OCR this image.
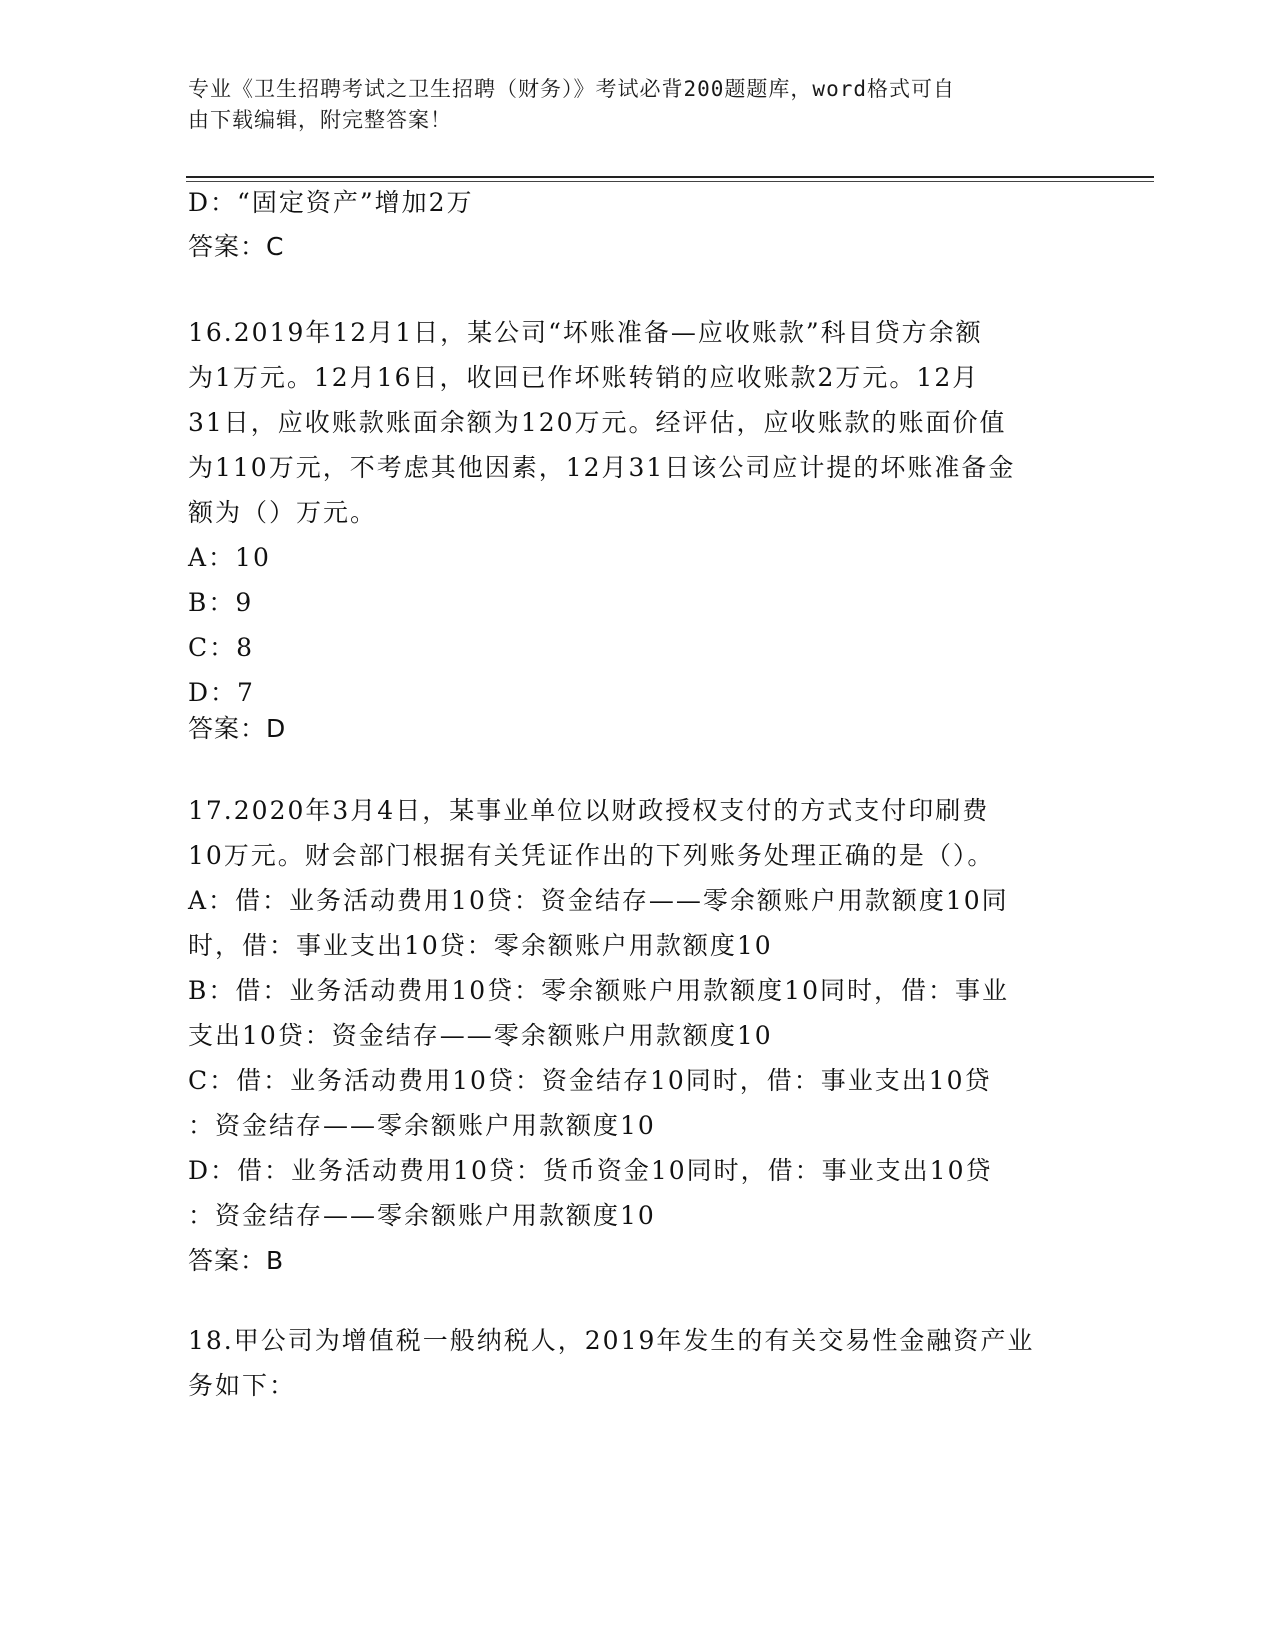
专业《卫生招聘考试之卫生招聘（财务）》考试必背200题题库，word格式可自
由下载编辑，附完整答案！
D：“固定资产”增加2万
答案：C
16.2019年12月1日，某公司“坏账准备—应收账款”科目贷方余额
为1万元。12月16日，收回已作坏账转销的应收账款2万元。12月
31日，应收账款账面余额为120万元。经评估，应收账款的账面价值
为110万元，不考虑其他因素，12月31日该公司应计提的坏账准备金
额为（）万元。
A：10
B：9
C：8
D：7
答案：D
17.2020年3月4日，某事业单位以财政授权支付的方式支付印刷费
10万元。财会部门根据有关凭证作出的下列账务处理正确的是（）。
A：借：业务活动费用10贷：资金结存——零余额账户用款额度10同
时，借：事业支出10贷：零余额账户用款额度10
B：借：业务活动费用10贷：零余额账户用款额度10同时，借：事业
支出10贷：资金结存——零余额账户用款额度10
C：借：业务活动费用10贷：资金结存10同时，借：事业支出10贷
：资金结存——零余额账户用款额度10
D：借：业务活动费用10贷：货币资金10同时，借：事业支出10贷
：资金结存——零余额账户用款额度10
答案：B
18.甲公司为增值税一般纳税人，2019年发生的有关交易性金融资产业
务如下：
